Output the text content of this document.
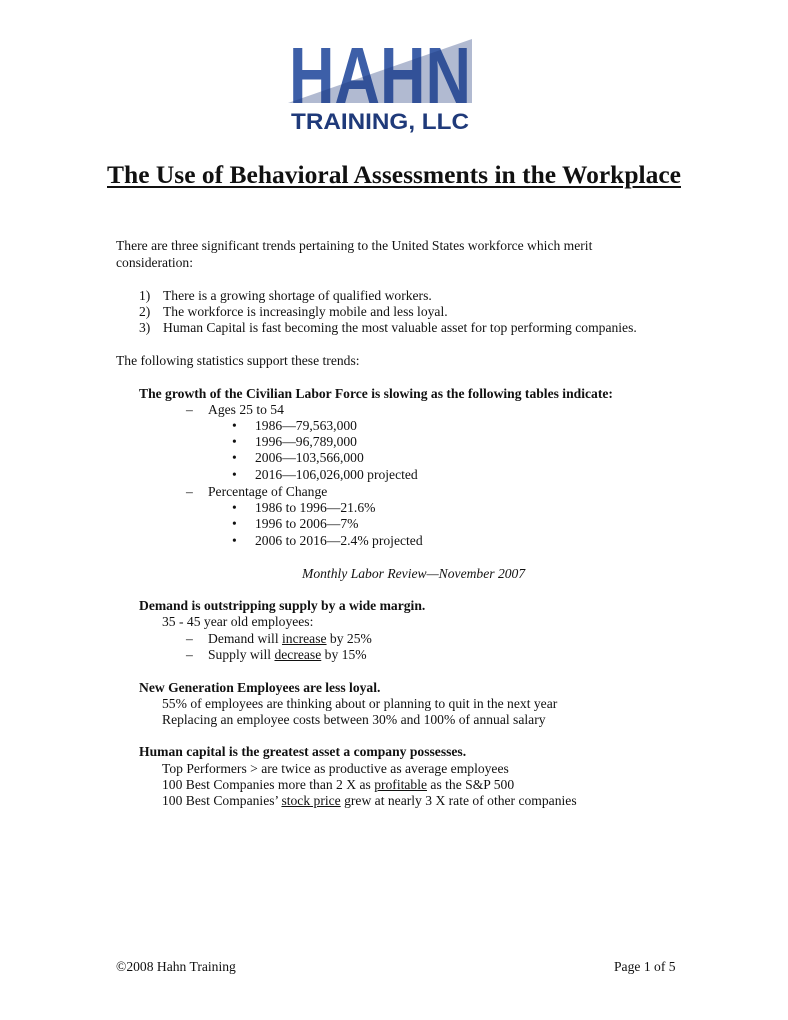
HAHN
TRAINING, LLC
The Use of Behavioral Assessments in the Workplace
There are three significant trends pertaining to the United States workforce which merit
consideration:
1) There is a growing shortage of qualified workers.
2) The workforce is increasingly mobile and less loyal.
3) Human Capital is fast becoming the most valuable asset for top performing companies.
The following statistics support these trends:
The growth of the Civilian Labor Force is slowing as the following tables indicate:
– Ages 25 to 54
• 1986—79,563,000
• 1996—96,789,000
• 2006—103,566,000
• 2016—106,026,000 projected
– Percentage of Change
• 1986 to 1996—21.6%
• 1996 to 2006—7%
• 2006 to 2016—2.4% projected
Monthly Labor Review—November 2007
Demand is outstripping supply by a wide margin.
35 - 45 year old employees:
– Demand will increase by 25%
– Supply will decrease by 15%
New Generation Employees are less loyal.
55% of employees are thinking about or planning to quit in the next year
Replacing an employee costs between 30% and 100% of annual salary
Human capital is the greatest asset a company possesses.
Top Performers > are twice as productive as average employees
100 Best Companies more than 2 X as profitable as the S&P 500
100 Best Companies’ stock price grew at nearly 3 X rate of other companies
©2008 Hahn Training	Page 1 of 5
